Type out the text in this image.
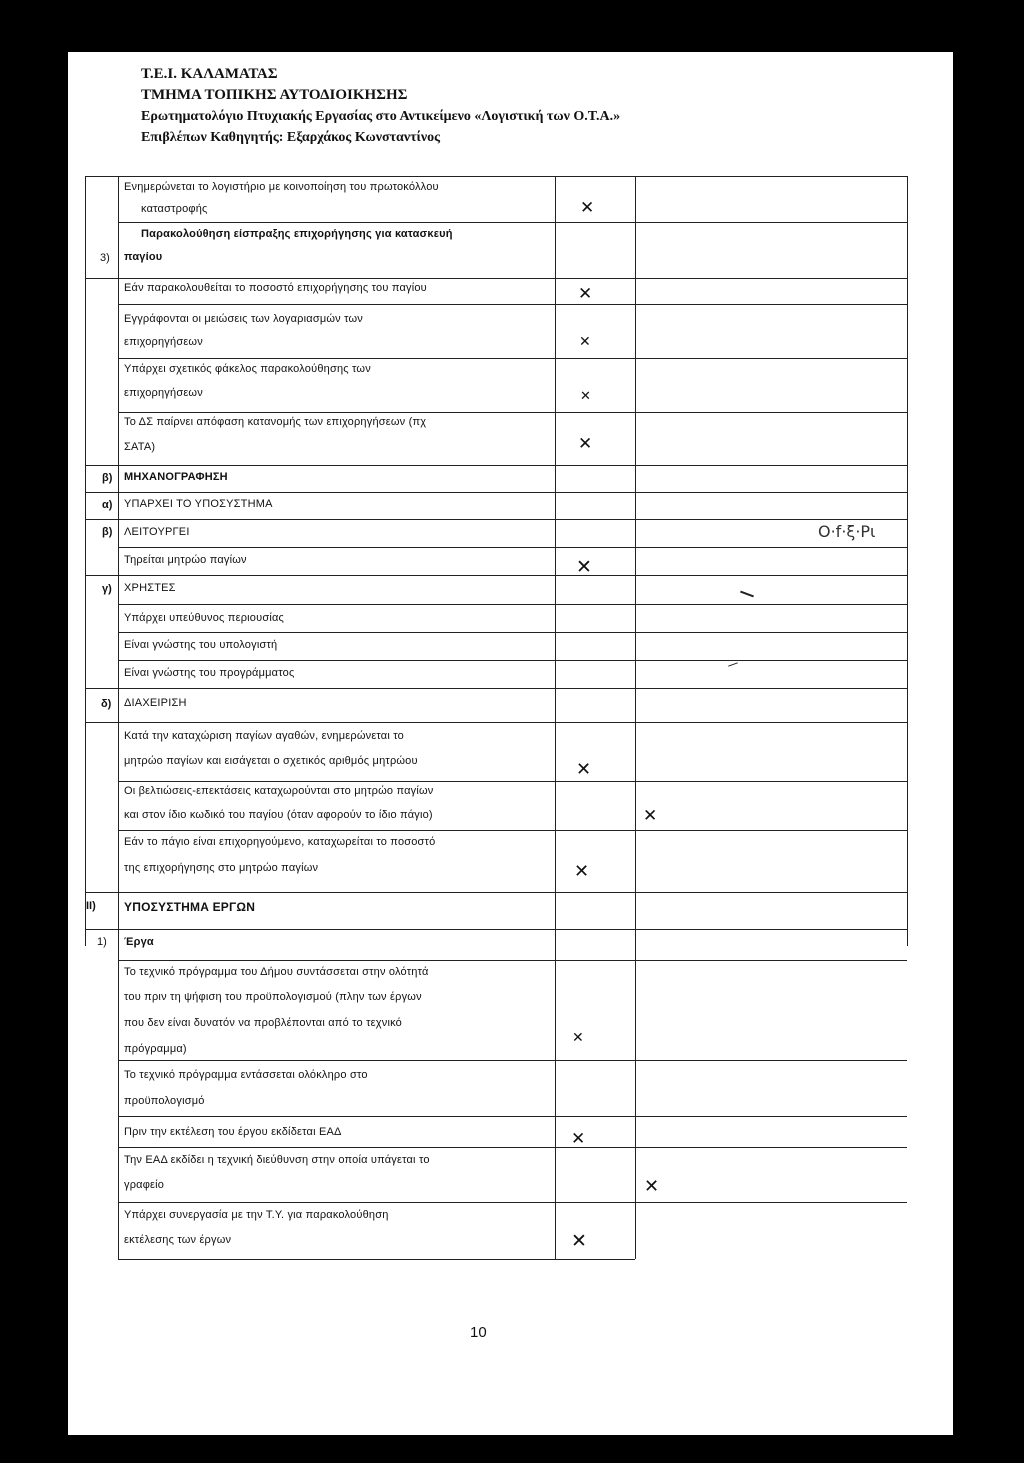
T.E.I. ΚΑΛΑΜΑΤΑΣ
ΤΜΗΜΑ ΤΟΠΙΚΗΣ ΑΥΤΟΔΙΟΙΚΗΣΗΣ
Ερωτηματολόγιο Πτυχιακής Εργασίας στο Αντικείμενο «Λογιστική των Ο.Τ.Α.»
Επιβλέπων Καθηγητής: Εξαρχάκος Κωνσταντίνος
3)
β)
α)
β)
γ)
δ)
II)
1)
Ενημερώνεται το λογιστήριο με κοινοποίηση του πρωτοκόλλου
καταστροφής
Παρακολούθηση είσπραξης επιχορήγησης για κατασκευή
παγίου
Εάν παρακολουθείται το ποσοστό επιχορήγησης του παγίου
Εγγράφονται οι μειώσεις των λογαριασμών των
επιχορηγήσεων
Υπάρχει σχετικός φάκελος παρακολούθησης των
επιχορηγήσεων
Το ΔΣ παίρνει απόφαση κατανομής των επιχορηγήσεων (πχ
ΣΑΤΑ)
ΜΗΧΑΝΟΓΡΑΦΗΣΗ
ΥΠΑΡΧΕΙ ΤΟ ΥΠΟΣΥΣΤΗΜΑ
ΛΕΙΤΟΥΡΓΕΙ
Τηρείται μητρώο παγίων
ΧΡΗΣΤΕΣ
Υπάρχει υπεύθυνος περιουσίας
Είναι γνώστης του υπολογιστή
Είναι γνώστης του προγράμματος
ΔΙΑΧΕΙΡΙΣΗ
Κατά την καταχώριση παγίων αγαθών, ενημερώνεται το
μητρώο παγίων και εισάγεται ο σχετικός αριθμός μητρώου
Οι βελτιώσεις-επεκτάσεις καταχωρούνται στο μητρώο παγίων
και στον ίδιο κωδικό του παγίου (όταν αφορούν το ίδιο πάγιο)
Εάν το πάγιο είναι επιχορηγούμενο, καταχωρείται το ποσοστό
της επιχορήγησης στο μητρώο παγίων
ΥΠΟΣΥΣΤΗΜΑ ΕΡΓΩΝ
Έργα
Το τεχνικό πρόγραμμα του Δήμου συντάσσεται στην ολότητά
του πριν τη ψήφιση του προϋπολογισμού (πλην των έργων
που δεν είναι δυνατόν να προβλέπονται από το τεχνικό
πρόγραμμα)
Το τεχνικό πρόγραμμα εντάσσεται ολόκληρο στο
προϋπολογισμό
Πριν την εκτέλεση του έργου εκδίδεται ΕΑΔ
Την ΕΑΔ εκδίδει η τεχνική διεύθυνση στην οποία υπάγεται το
γραφείο
Υπάρχει συνεργασία με την Τ.Υ. για παρακολούθηση
εκτέλεσης των έργων
✕
✕
✕
✕
✕
✕
✕
✕
✕
✕
✕
✕
✕
Ο·f·ξ·Ρι
10
